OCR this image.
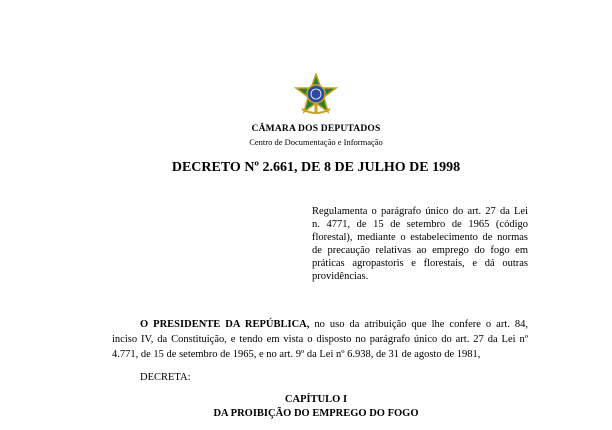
CÂMARA DOS DEPUTADOS
Centro de Documentação e Informação
DECRETO Nº 2.661, DE 8 DE JULHO DE 1998
Regulamenta o parágrafo único do art. 27 da Lei
n. 4771, de 15 de setembro de 1965 (código
florestal), mediante o estabelecimento de normas
de precaução relativas ao emprego do fogo em
práticas agropastoris e florestais, e dá outras
providências.
O PRESIDENTE DA REPÚBLICA, no uso da atribuição que lhe confere o art. 84,
inciso IV, da Constituição, e tendo em vista o disposto no parágrafo único do art. 27 da Lei nº
4.771, de 15 de setembro de 1965, e no art. 9º da Lei nº 6.938, de 31 de agosto de 1981,
DECRETA:
CAPÍTULO I
DA PROIBIÇÃO DO EMPREGO DO FOGO
